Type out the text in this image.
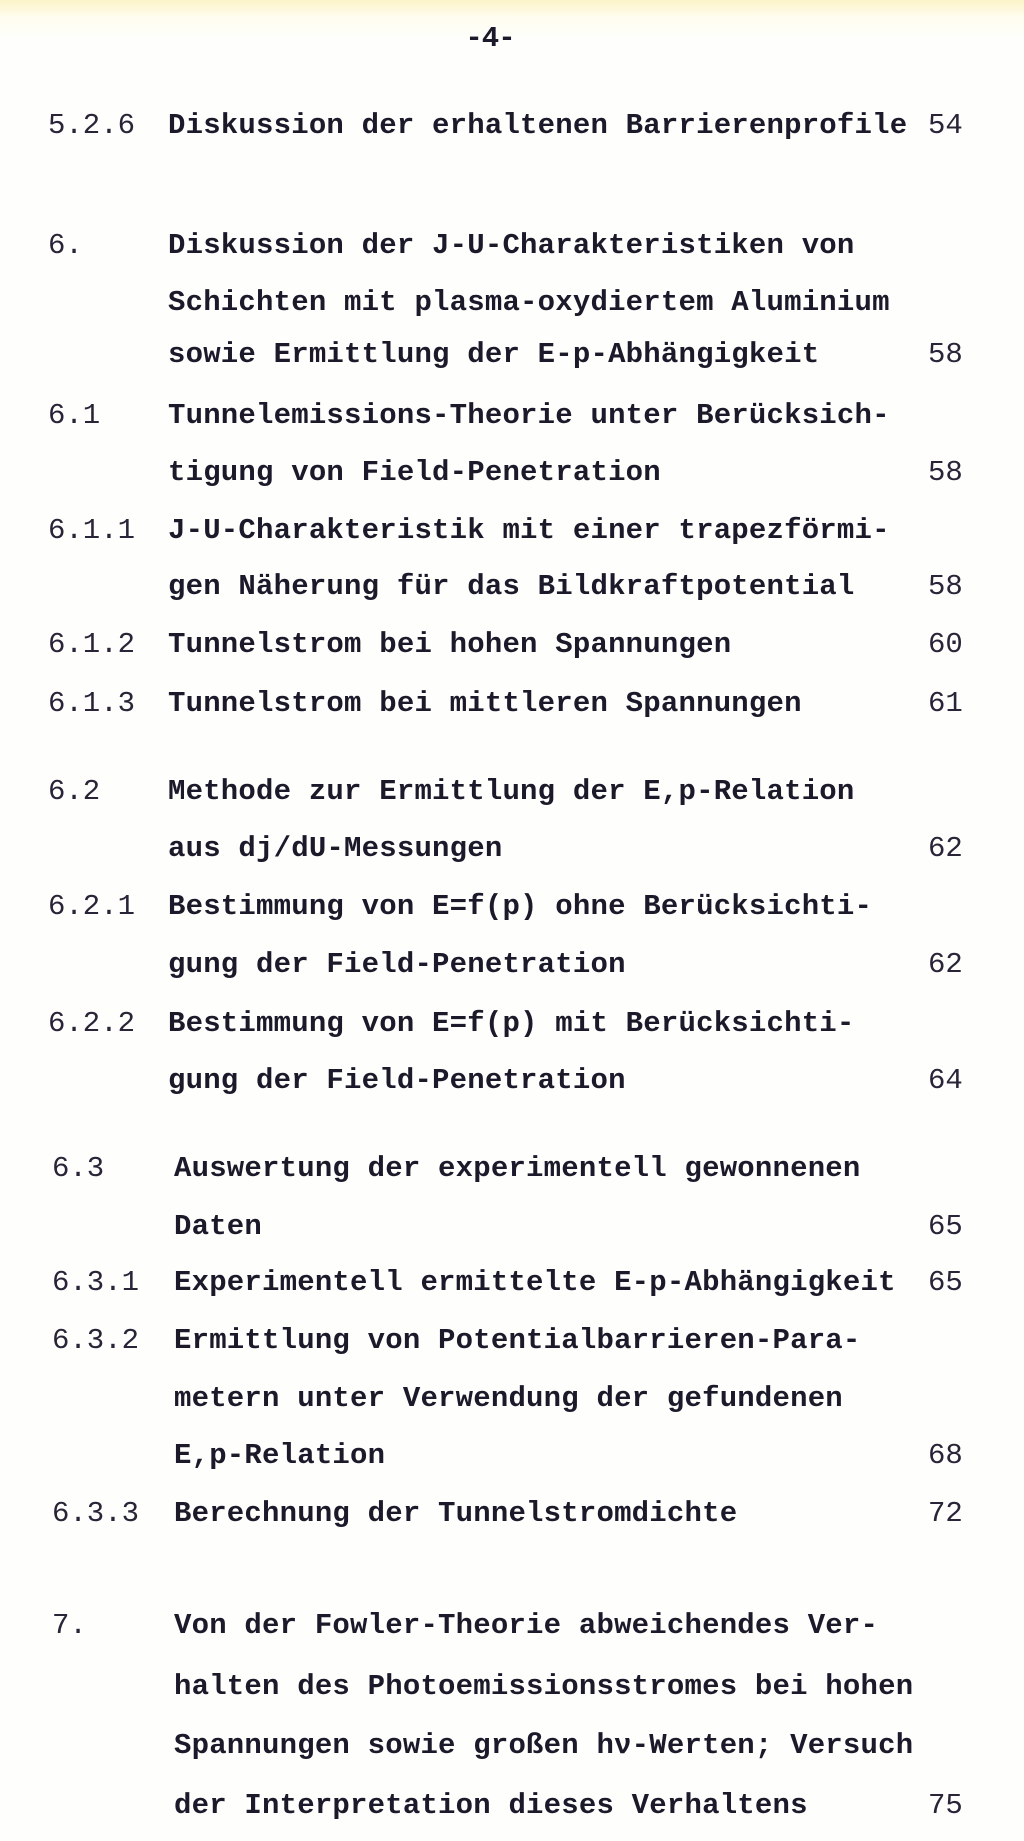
-4-
5.2.6 Diskussion der erhaltenen Barrierenprofile 54
6.	Diskussion der J-U-Charakteristiken von
Schichten mit plasma-oxydiertem Aluminium
sowie Ermittlung der E-p-Abhängigkeit	58
6.1 Tunnelemissions-Theorie unter Berücksich-
tigung von Field-Penetration	58
6.1.1 J-U-Charakteristik mit einer trapezförmi-
gen Näherung für das Bildkraftpotential	58
6.1.2 Tunnelstrom bei hohen Spannungen	60
6.1.3 Tunnelstrom bei mittleren Spannungen	61
6.2 Methode zur Ermittlung der E,p-Relation
aus dj/dU-Messungen	62
6.2.1 Bestimmung von E=f(p) ohne Berücksichti-
gung der Field-Penetration	62
6.2.2 Bestimmung von E=f(p) mit Berücksichti-
gung der Field-Penetration	64
6.3 Auswertung der experimentell gewonnenen
Daten	65
6.3.1 Experimentell ermittelte E-p-Abhängigkeit 65
6.3.2 Ermittlung von Potentialbarrieren-Para-
metern unter Verwendung der gefundenen
E,p-Relation	68
6.3.3 Berechnung der Tunnelstromdichte	72
7.	Von der Fowler-Theorie abweichendes Ver-
halten des Photoemissionsstromes bei hohen
Spannungen sowie großen hν-Werten; Versuch
der Interpretation dieses Verhaltens	75
